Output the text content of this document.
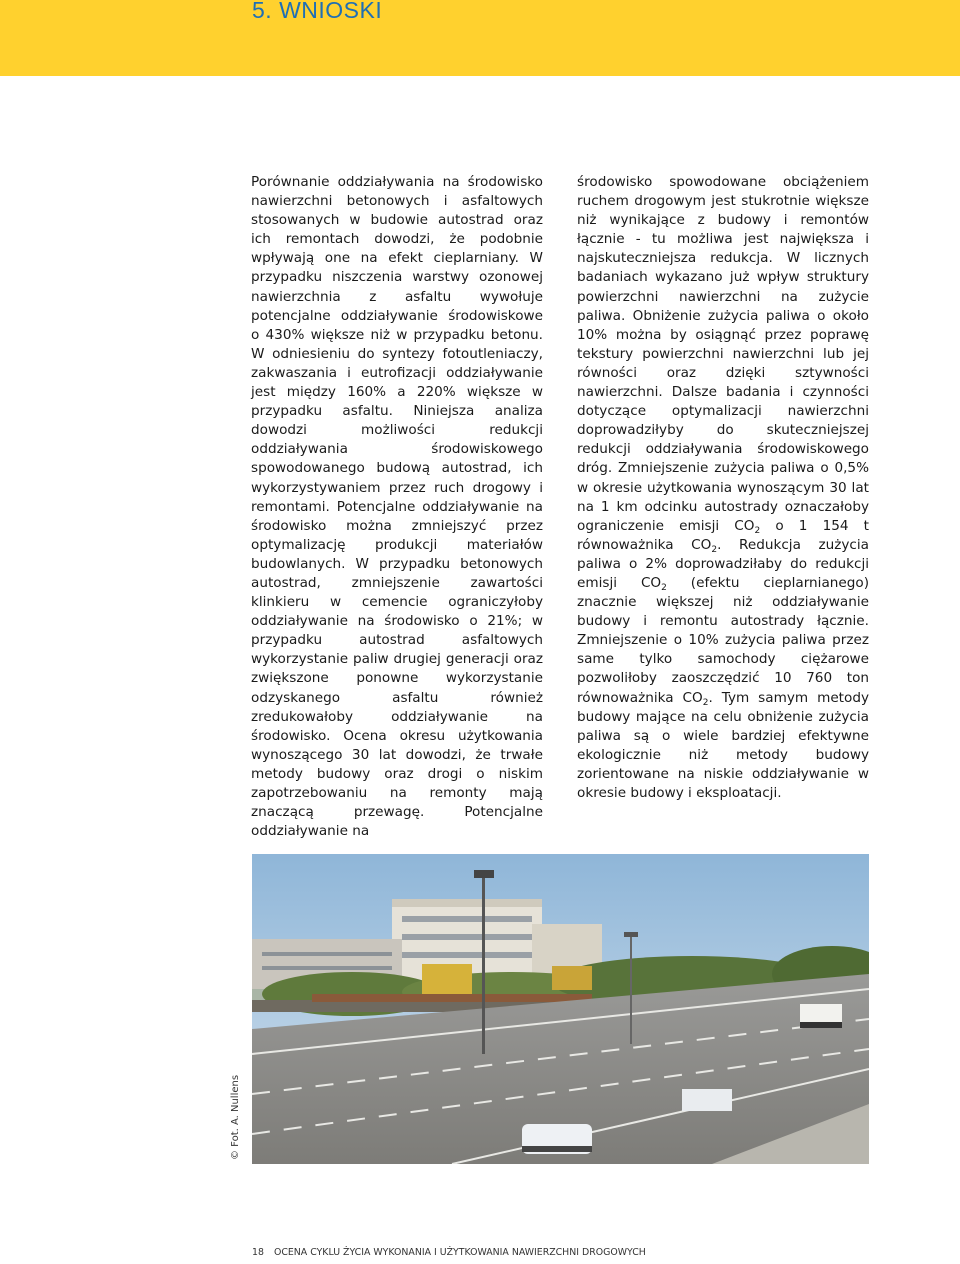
5. WNIOSKI

Porównanie oddziaływania na środowisko nawierzchni betonowych i asfaltowych stosowanych w budowie autostrad oraz ich remontach dowodzi, że podobnie wpływają one na efekt cieplarniany. W przypadku niszczenia warstwy ozonowej nawierzchnia z asfaltu wywołuje potencjalne oddziaływanie środowiskowe o 430% większe niż w przypadku betonu. W odniesieniu do syntezy fotoutleniaczy, zakwaszania i eutrofizacji oddziaływanie jest między 160% a 220% większe w przypadku asfaltu. Niniejsza analiza dowodzi możliwości redukcji oddziaływania środowiskowego spowodowanego budową autostrad, ich wykorzystywaniem przez ruch drogowy i remontami. Potencjalne oddziaływanie na środowisko można zmniejszyć przez optymalizację produkcji materiałów budowlanych. W przypadku betonowych autostrad, zmniejszenie zawartości klinkieru w cemencie ograniczyłoby oddziaływanie na środowisko o 21%; w przypadku autostrad asfaltowych wykorzystanie paliw drugiej generacji oraz zwiększone ponowne wykorzystanie odzyskanego asfaltu również zredukowałoby oddziaływanie na środowisko. Ocena okresu użytkowania wynoszącego 30 lat dowodzi, że trwałe metody budowy oraz drogi o niskim zapotrzebowaniu na remonty mają znaczącą przewagę. Potencjalne oddziaływanie na

środowisko spowodowane obciążeniem ruchem drogowym jest stukrotnie większe niż wynikające z budowy i remontów łącznie - tu możliwa jest największa i najskuteczniejsza redukcja. W licznych badaniach wykazano już wpływ struktury powierzchni nawierzchni na zużycie paliwa. Obniżenie zużycia paliwa o około 10% można by osiągnąć przez poprawę tekstury powierzchni nawierzchni lub jej równości oraz dzięki sztywności nawierzchni. Dalsze badania i czynności dotyczące optymalizacji nawierzchni doprowadziłyby do skuteczniejszej redukcji oddziaływania środowiskowego dróg. Zmniejszenie zużycia paliwa o 0,5% w okresie użytkowania wynoszącym 30 lat na 1 km odcinku autostrady oznaczałoby ograniczenie emisji $CO_2$ o 1 154 t równoważnika $CO_2$. Redukcja zużycia paliwa o 2% doprowadziłaby do redukcji emisji $CO_2$ (efektu cieplarnianego) znacznie większej niż oddziaływanie budowy i remontu autostrady łącznie. Zmniejszenie o 10% zużycia paliwa przez same tylko samochody ciężarowe pozwoliłoby zaoszczędzić 10 760 ton równoważnika $CO_2$. Tym samym metody budowy mające na celu obniżenie zużycia paliwa są o wiele bardziej efektywne ekologicznie niż metody budowy zorientowane na niskie oddziaływanie w okresie budowy i eksploatacji.

© Fot. A. Nullens
18 OCENA CYKLU ŻYCIA WYKONANIA I UŻYTKOWANIA NAWIERZCHNI DROGOWYCH
